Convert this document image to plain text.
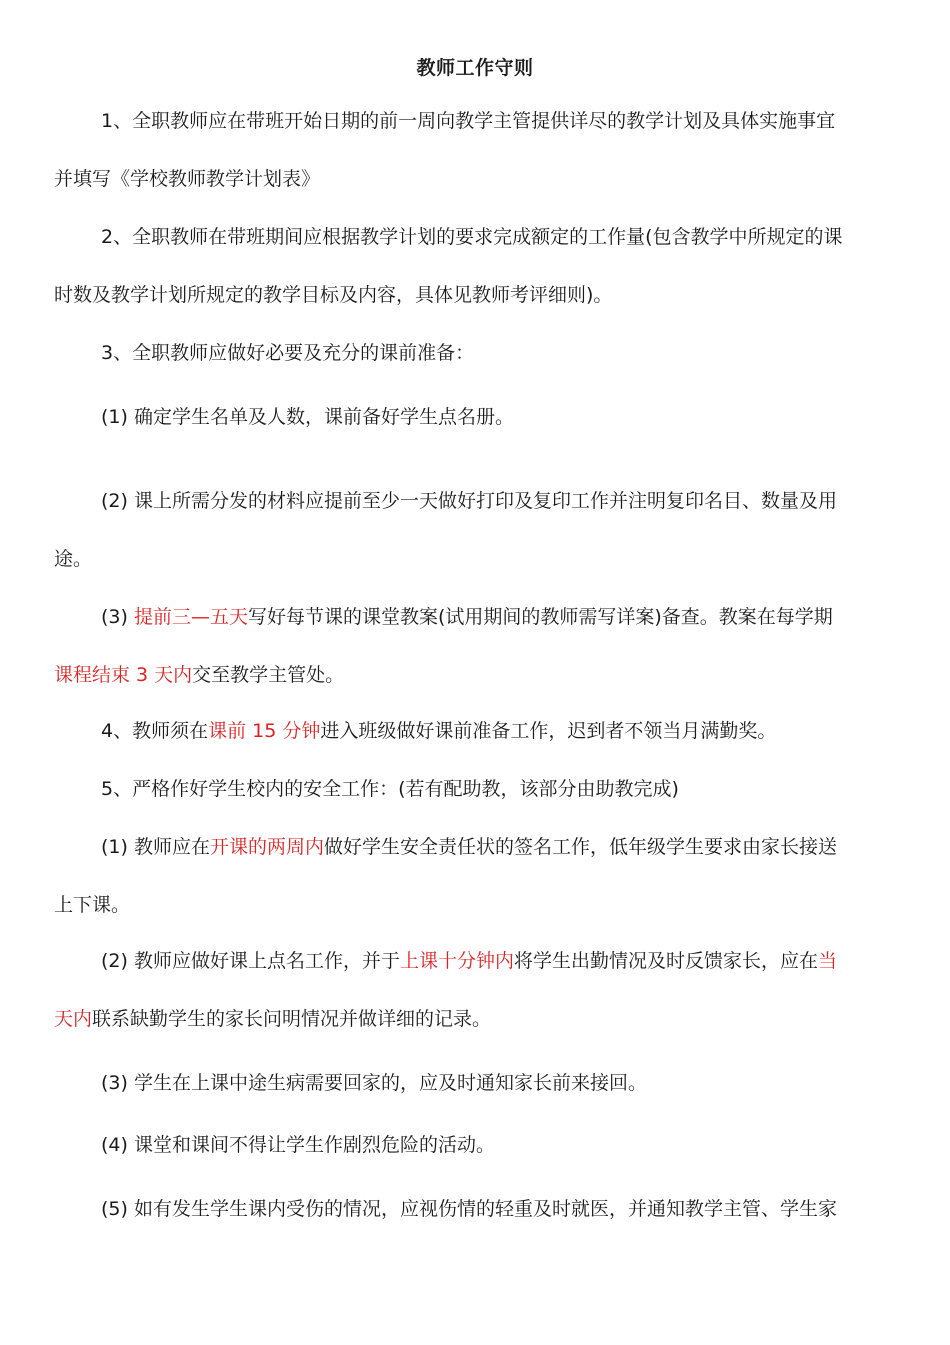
教师工作守则
1、全职教师应在带班开始日期的前一周向教学主管提供详尽的教学计划及具体实施事宜
并填写《学校教师教学计划表》
2、全职教师在带班期间应根据教学计划的要求完成额定的工作量(包含教学中所规定的课
时数及教学计划所规定的教学目标及内容，具体见教师考评细则)。
3、全职教师应做好必要及充分的课前准备：
(1) 确定学生名单及人数，课前备好学生点名册。
(2) 课上所需分发的材料应提前至少一天做好打印及复印工作并注明复印名目、数量及用
途。
(3) 提前三—五天写好每节课的课堂教案(试用期间的教师需写详案)备查。教案在每学期
课程结束 3 天内交至教学主管处。
4、教师须在课前 15 分钟进入班级做好课前准备工作，迟到者不领当月满勤奖。
5、严格作好学生校内的安全工作：(若有配助教，该部分由助教完成)
(1) 教师应在开课的两周内做好学生安全责任状的签名工作，低年级学生要求由家长接送
上下课。
(2) 教师应做好课上点名工作，并于上课十分钟内将学生出勤情况及时反馈家长，应在当
天内联系缺勤学生的家长问明情况并做详细的记录。
(3) 学生在上课中途生病需要回家的，应及时通知家长前来接回。
(4) 课堂和课间不得让学生作剧烈危险的活动。
(5) 如有发生学生课内受伤的情况，应视伤情的轻重及时就医，并通知教学主管、学生家
